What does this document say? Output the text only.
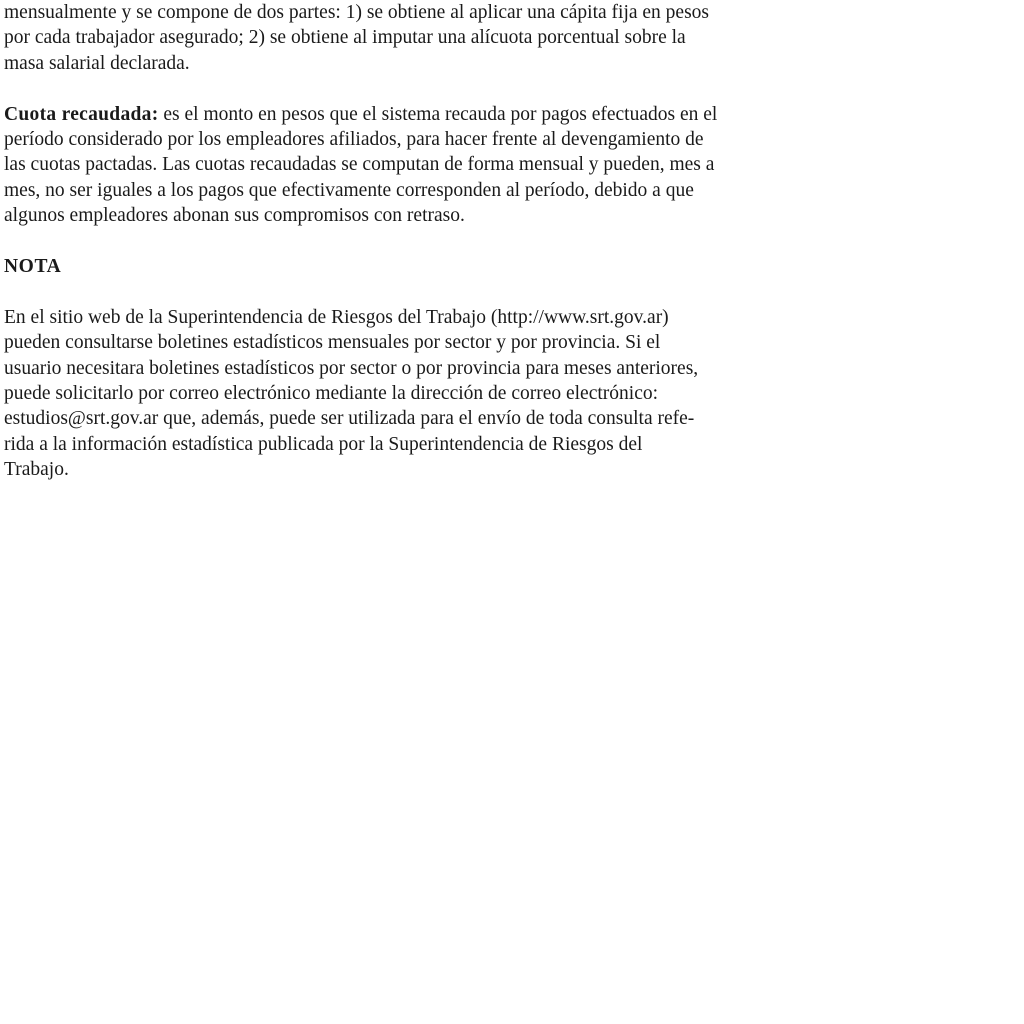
mensualmente y se compone de dos partes: 1) se obtiene al aplicar una cápita fija en pesos
por cada trabajador asegurado; 2) se obtiene al imputar una alícuota porcentual sobre la
masa salarial declarada.

Cuota recaudada: es el monto en pesos que el sistema recauda por pagos efectuados en el
período considerado por los empleadores afiliados, para hacer frente al devengamiento de
las cuotas pactadas. Las cuotas recaudadas se computan de forma mensual y pueden, mes a
mes, no ser iguales a los pagos que efectivamente corresponden al período, debido a que
algunos empleadores abonan sus compromisos con retraso.

NOTA

En el sitio web de la Superintendencia de Riesgos del Trabajo (http://www.srt.gov.ar)
pueden consultarse boletines estadísticos mensuales por sector y por provincia. Si el
usuario necesitara boletines estadísticos por sector o por provincia para meses anteriores,
puede solicitarlo por correo electrónico mediante la dirección de correo electrónico:
estudios@srt.gov.ar que, además, puede ser utilizada para el envío de toda consulta refe-
rida a la información estadística publicada por la Superintendencia de Riesgos del
Trabajo.
